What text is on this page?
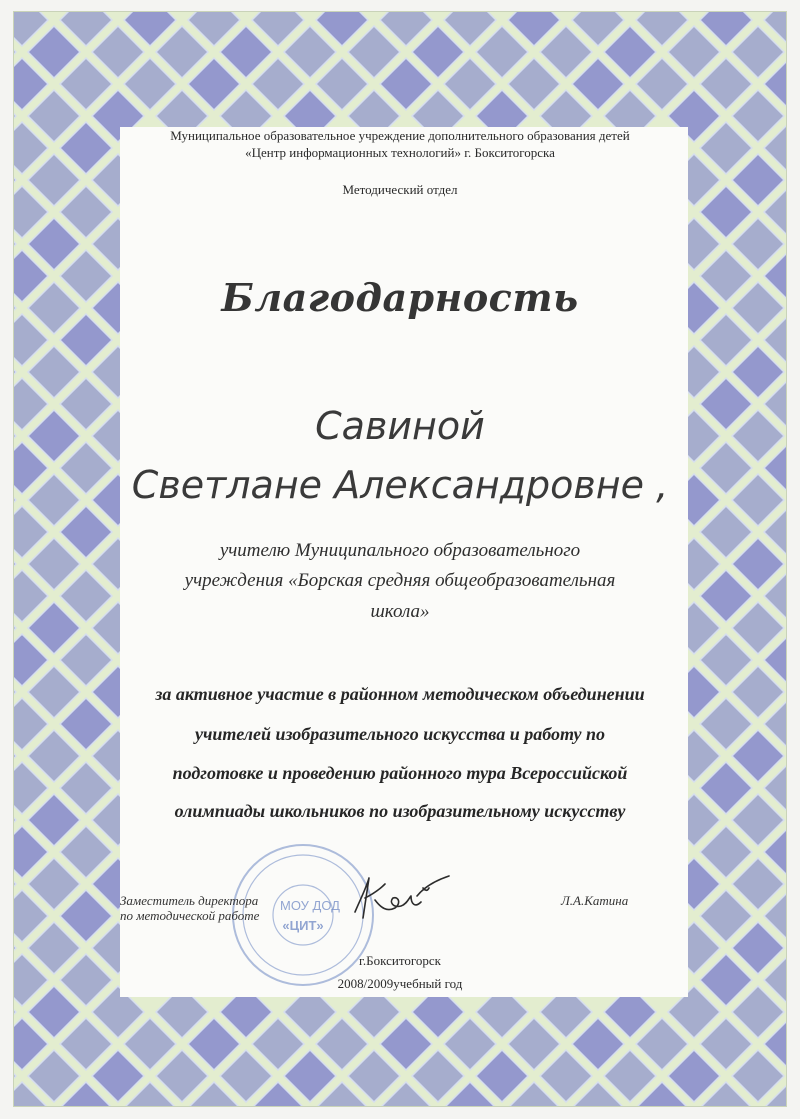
Муниципальное образовательное учреждение дополнительного образования детей
«Центр информационных технологий» г. Бокситогорска
Методический отдел
Благодарность
Савиной
Светлане Александровне ,
учителю Муниципального образовательного
учреждения «Борская средняя общеобразовательная
школа»
за активное участие в районном методическом объединении
учителей изобразительного искусства и работу по
подготовке и проведению районного тура Всероссийской
олимпиады школьников по изобразительному искусству
МОУ ДОД
«ЦИТ»
Заместитель директора
по методической работе
Л.А.Катина
г.Бокситогорск
2008/2009учебный год
